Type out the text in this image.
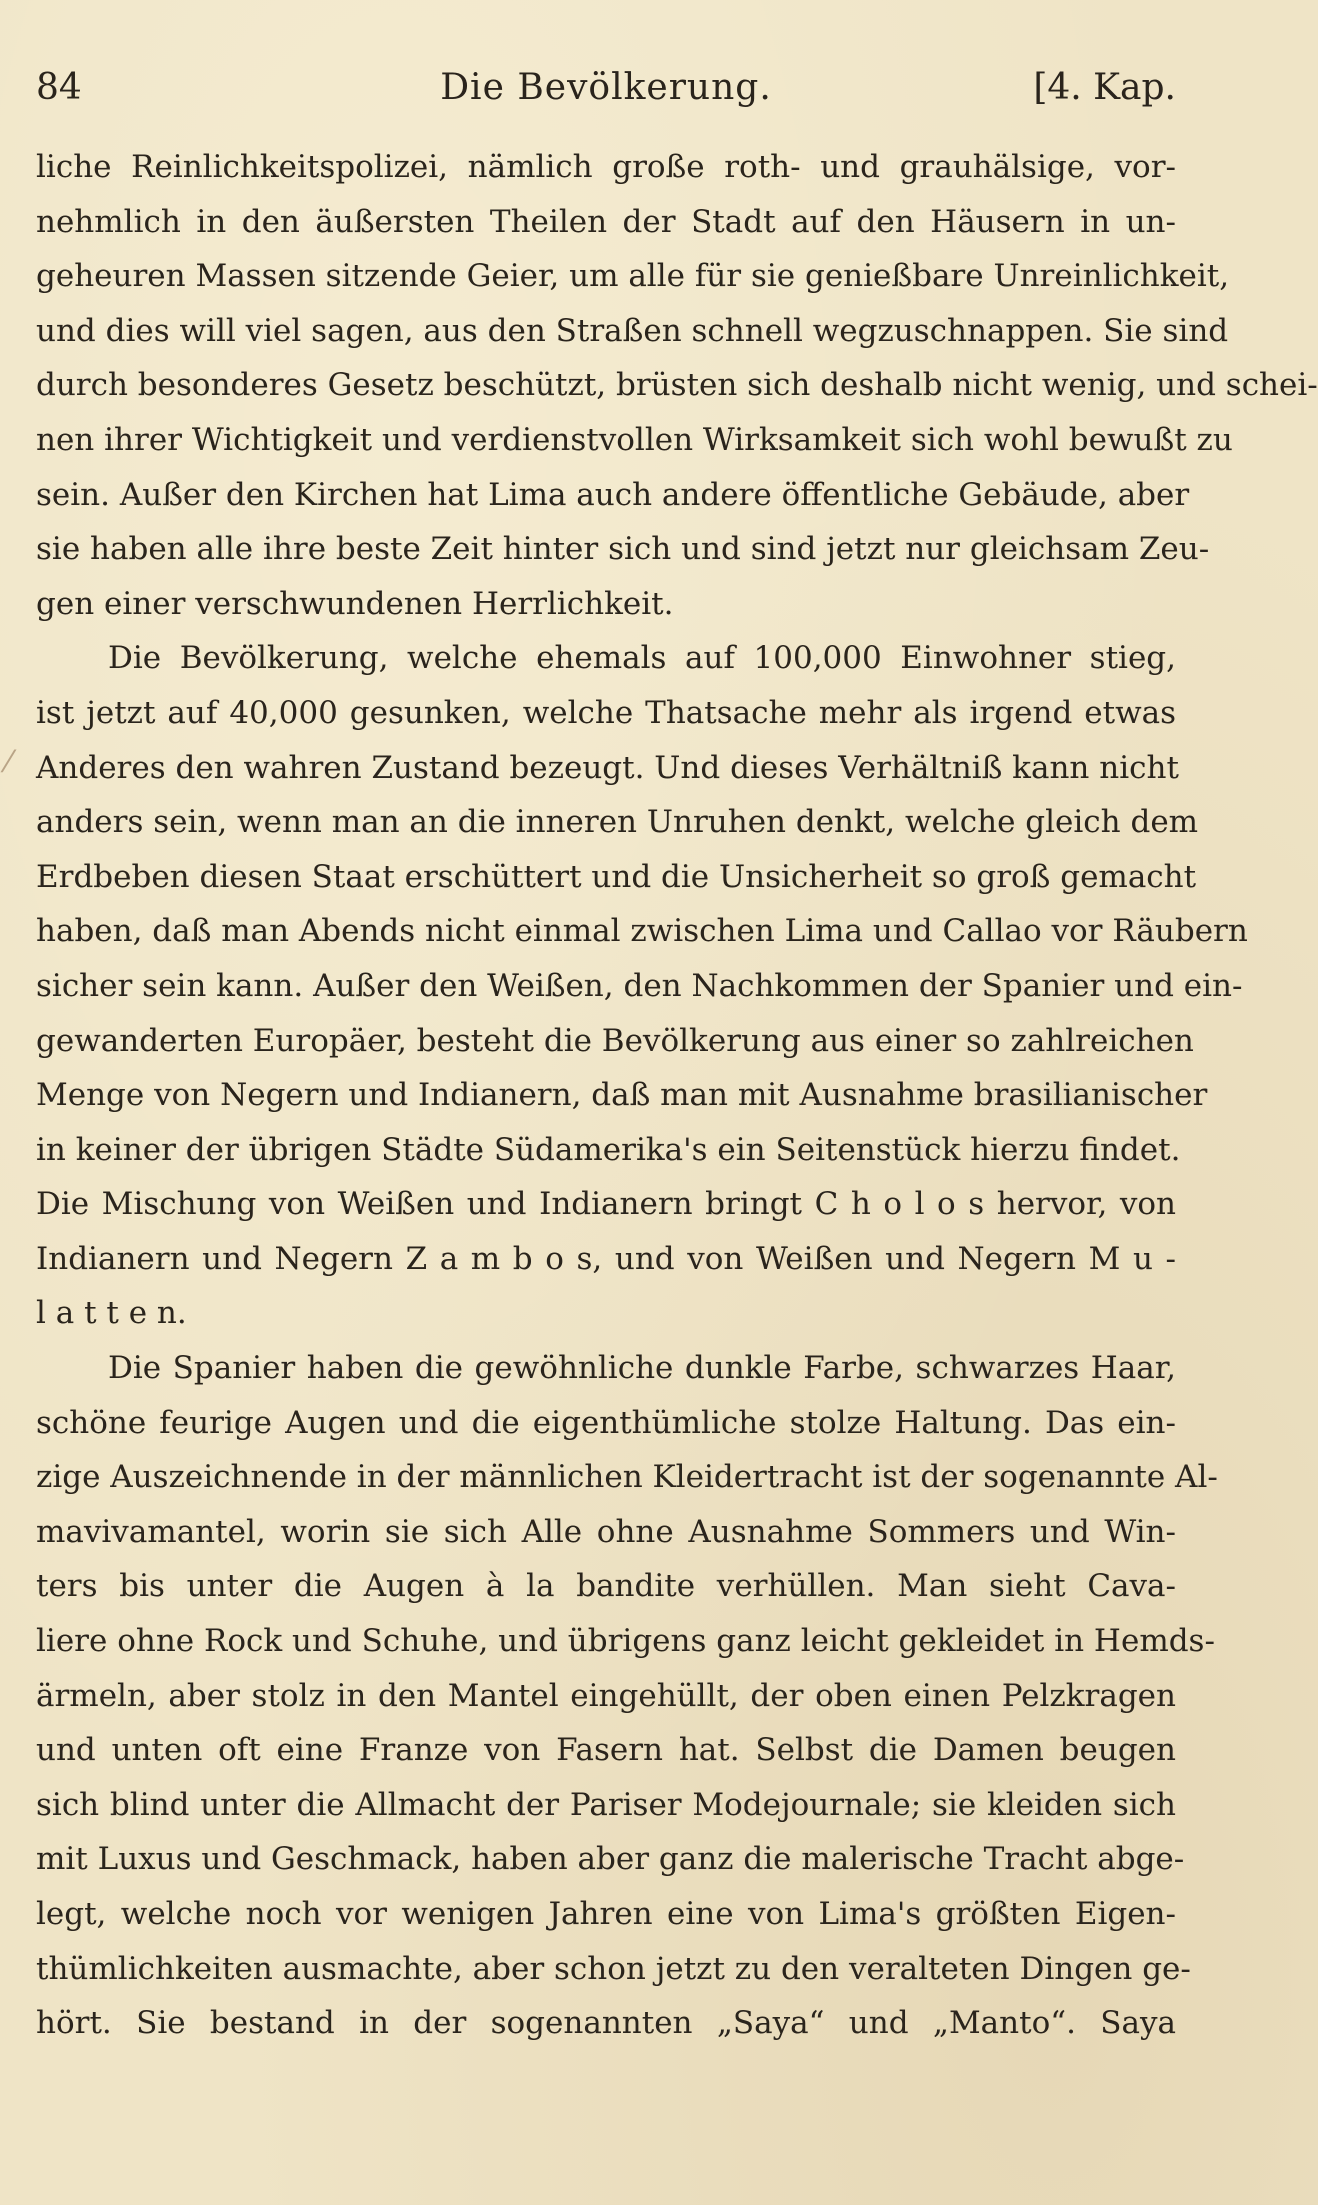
84	Die Bevölkerung.	[4. Kap.
liche Reinlichkeitspolizei, nämlich große roth- und grauhälsige, vor-
nehmlich in den äußersten Theilen der Stadt auf den Häusern in un-
geheuren Massen sitzende Geier, um alle für sie genießbare Unreinlichkeit,
und dies will viel sagen, aus den Straßen schnell wegzuschnappen. Sie sind
durch besonderes Gesetz beschützt, brüsten sich deshalb nicht wenig, und schei-
nen ihrer Wichtigkeit und verdienstvollen Wirksamkeit sich wohl bewußt zu
sein. Außer den Kirchen hat Lima auch andere öffentliche Gebäude, aber
sie haben alle ihre beste Zeit hinter sich und sind jetzt nur gleichsam Zeu-
gen einer verschwundenen Herrlichkeit.
Die Bevölkerung, welche ehemals auf 100,000 Einwohner stieg,
ist jetzt auf 40,000 gesunken, welche Thatsache mehr als irgend etwas
Anderes den wahren Zustand bezeugt. Und dieses Verhältniß kann nicht
anders sein, wenn man an die inneren Unruhen denkt, welche gleich dem
Erdbeben diesen Staat erschüttert und die Unsicherheit so groß gemacht
haben, daß man Abends nicht einmal zwischen Lima und Callao vor Räubern
sicher sein kann. Außer den Weißen, den Nachkommen der Spanier und ein-
gewanderten Europäer, besteht die Bevölkerung aus einer so zahlreichen
Menge von Negern und Indianern, daß man mit Ausnahme brasilianischer
in keiner der übrigen Städte Südamerika's ein Seitenstück hierzu findet.
Die Mischung von Weißen und Indianern bringt C h o l o s hervor, von
Indianern und Negern Z a m b o s, und von Weißen und Negern M u -
l a t t e n.
Die Spanier haben die gewöhnliche dunkle Farbe, schwarzes Haar,
schöne feurige Augen und die eigenthümliche stolze Haltung. Das ein-
zige Auszeichnende in der männlichen Kleidertracht ist der sogenannte Al-
mavivamantel, worin sie sich Alle ohne Ausnahme Sommers und Win-
ters bis unter die Augen à la bandite verhüllen. Man sieht Cava-
liere ohne Rock und Schuhe, und übrigens ganz leicht gekleidet in Hemds-
ärmeln, aber stolz in den Mantel eingehüllt, der oben einen Pelzkragen
und unten oft eine Franze von Fasern hat. Selbst die Damen beugen
sich blind unter die Allmacht der Pariser Modejournale; sie kleiden sich
mit Luxus und Geschmack, haben aber ganz die malerische Tracht abge-
legt, welche noch vor wenigen Jahren eine von Lima's größten Eigen-
thümlichkeiten ausmachte, aber schon jetzt zu den veralteten Dingen ge-
hört. Sie bestand in der sogenannten „Saya“ und „Manto“. Saya
⁄
